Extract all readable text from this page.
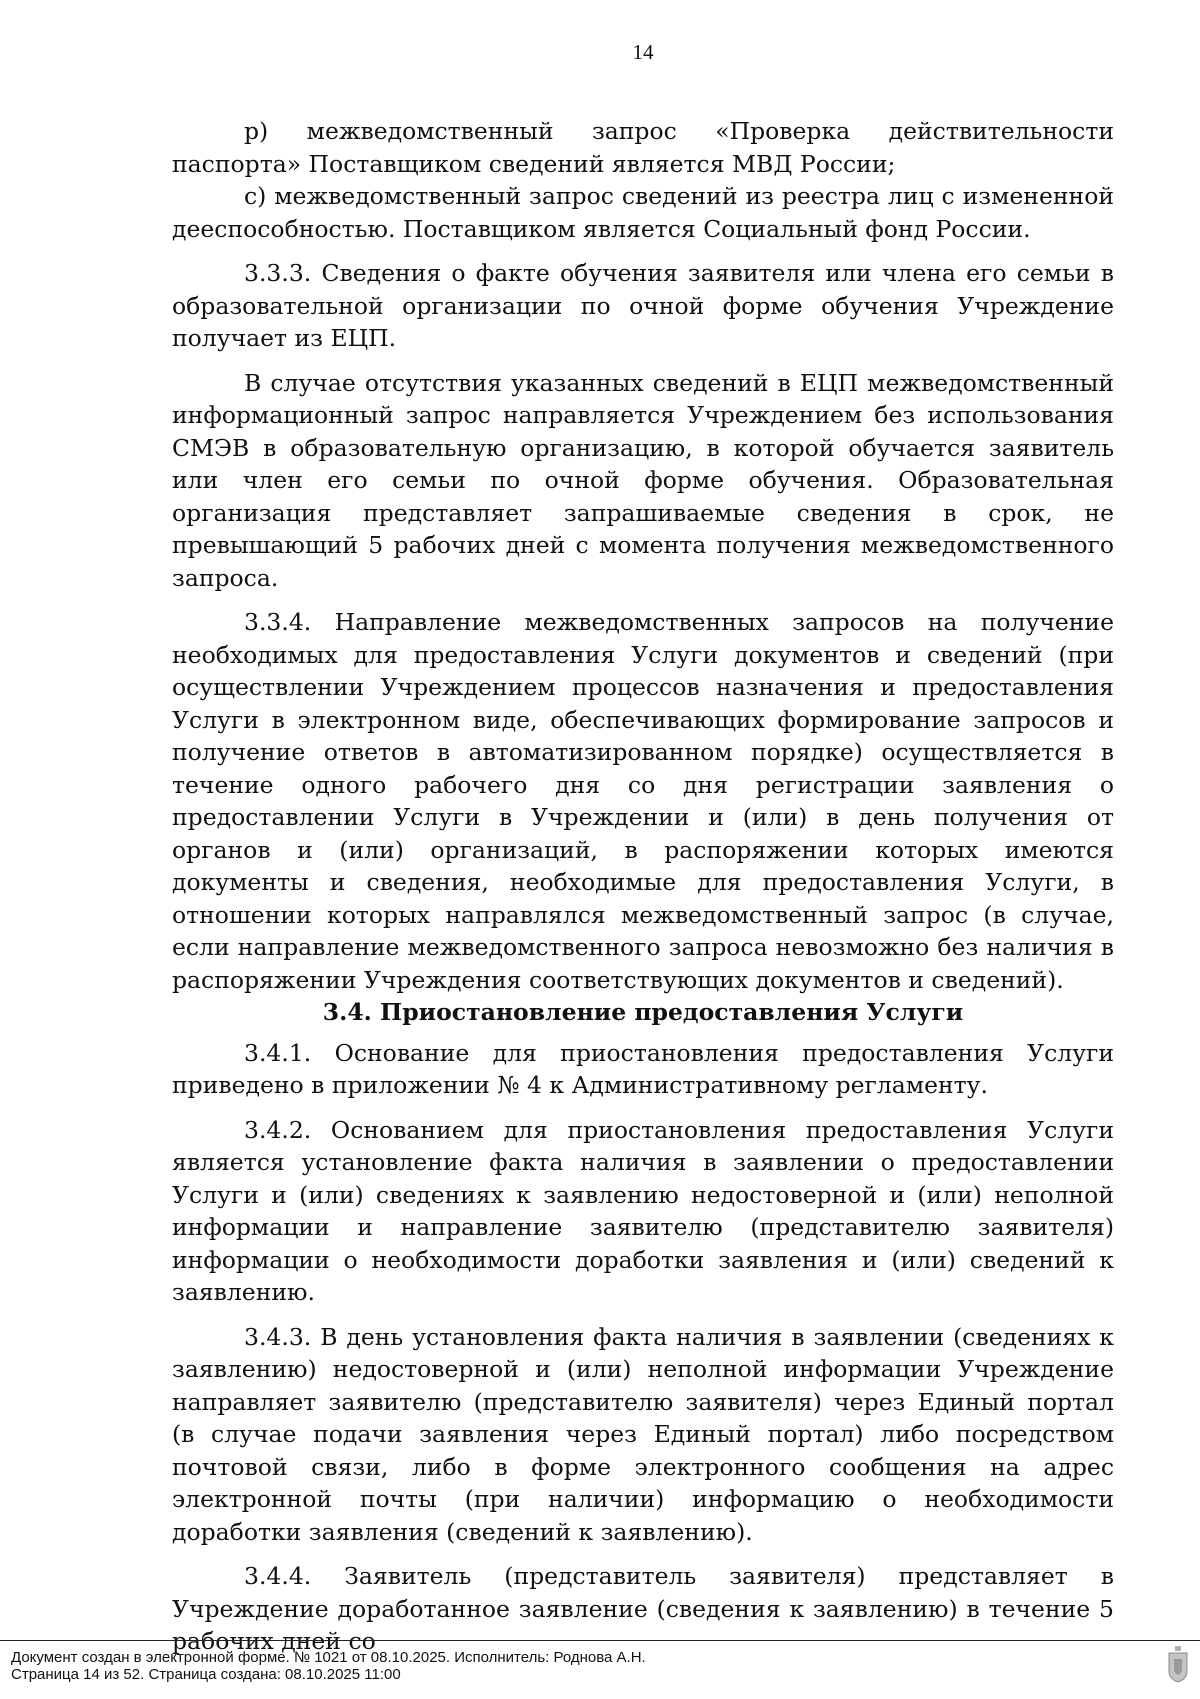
14

р) межведомственный запрос «Проверка действительности паспорта» Поставщиком сведений является МВД России;

с) межведомственный запрос сведений из реестра лиц с измененной дееспособностью. Поставщиком является Социальный фонд России.

3.3.3. Сведения о факте обучения заявителя или члена его семьи в образовательной организации по очной форме обучения Учреждение получает из ЕЦП.

В случае отсутствия указанных сведений в ЕЦП межведомственный информационный запрос направляется Учреждением без использования СМЭВ в образовательную организацию, в которой обучается заявитель или член его семьи по очной форме обучения. Образовательная организация представляет запрашиваемые сведения в срок, не превышающий 5 рабочих дней с момента получения межведомственного запроса.

3.3.4. Направление межведомственных запросов на получение необходимых для предоставления Услуги документов и сведений (при осуществлении Учреждением процессов назначения и предоставления Услуги в электронном виде, обеспечивающих формирование запросов и получение ответов в автоматизированном порядке) осуществляется в течение одного рабочего дня со дня регистрации заявления о предоставлении Услуги в Учреждении и (или) в день получения от органов и (или) организаций, в распоряжении которых имеются документы и сведения, необходимые для предоставления Услуги, в отношении которых направлялся межведомственный запрос (в случае, если направление межведомственного запроса невозможно без наличия в распоряжении Учреждения соответствующих документов и сведений).

3.4. Приостановление предоставления Услуги

3.4.1. Основание для приостановления предоставления Услуги приведено в приложении № 4 к Административному регламенту.

3.4.2. Основанием для приостановления предоставления Услуги является установление факта наличия в заявлении о предоставлении Услуги и (или) сведениях к заявлению недостоверной и (или) неполной информации и направление заявителю (представителю заявителя) информации о необходимости доработки заявления и (или) сведений к заявлению.

3.4.3. В день установления факта наличия в заявлении (сведениях к заявлению) недостоверной и (или) неполной информации Учреждение направляет заявителю (представителю заявителя) через Единый портал (в случае подачи заявления через Единый портал) либо посредством почтовой связи, либо в форме электронного сообщения на адрес электронной почты (при наличии) информацию о необходимости доработки заявления (сведений к заявлению).

3.4.4. Заявитель (представитель заявителя) представляет в Учреждение доработанное заявление (сведения к заявлению) в течение 5 рабочих дней со

Документ создан в электронной форме. № 1021 от 08.10.2025. Исполнитель: Роднова А.Н.
Страница 14 из 52. Страница создана: 08.10.2025 11:00
